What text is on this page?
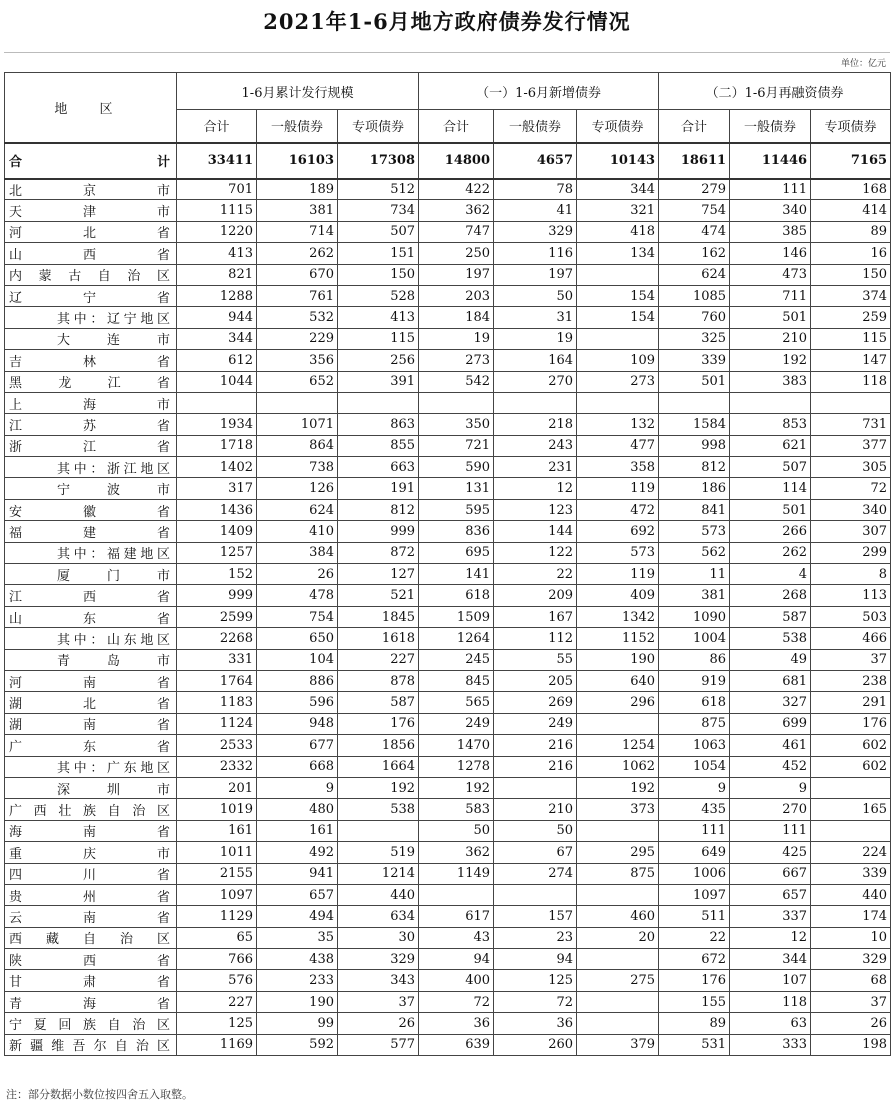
2021年1-6月地方政府债券发行情况
单位：亿元
地 区	1-6月累计发行规模			（一）1-6月新增债券			（二）1-6月再融资债券		
	合计	一般债券	专项债券	合计	一般债券	专项债券	合计	一般债券	专项债券
合计	33411	16103	17308	14800	4657	10143	18611	11446	7165
北京市	701	189	512	422	78	344	279	111	168
天津市	1115	381	734	362	41	321	754	340	414
河北省	1220	714	507	747	329	418	474	385	89
山西省	413	262	151	250	116	134	162	146	16
内蒙古自治区	821	670	150	197	197		624	473	150
辽宁省	1288	761	528	203	50	154	1085	711	374
其中：辽宁地区	944	532	413	184	31	154	760	501	259
大连市	344	229	115	19	19		325	210	115
吉林省	612	356	256	273	164	109	339	192	147
黑龙江省	1044	652	391	542	270	273	501	383	118
上海市									
江苏省	1934	1071	863	350	218	132	1584	853	731
浙江省	1718	864	855	721	243	477	998	621	377
其中：浙江地区	1402	738	663	590	231	358	812	507	305
宁波市	317	126	191	131	12	119	186	114	72
安徽省	1436	624	812	595	123	472	841	501	340
福建省	1409	410	999	836	144	692	573	266	307
其中：福建地区	1257	384	872	695	122	573	562	262	299
厦门市	152	26	127	141	22	119	11	4	8
江西省	999	478	521	618	209	409	381	268	113
山东省	2599	754	1845	1509	167	1342	1090	587	503
其中：山东地区	2268	650	1618	1264	112	1152	1004	538	466
青岛市	331	104	227	245	55	190	86	49	37
河南省	1764	886	878	845	205	640	919	681	238
湖北省	1183	596	587	565	269	296	618	327	291
湖南省	1124	948	176	249	249		875	699	176
广东省	2533	677	1856	1470	216	1254	1063	461	602
其中：广东地区	2332	668	1664	1278	216	1062	1054	452	602
深圳市	201	9	192	192		192	9	9	
广西壮族自治区	1019	480	538	583	210	373	435	270	165
海南省	161	161		50	50		111	111	
重庆市	1011	492	519	362	67	295	649	425	224
四川省	2155	941	1214	1149	274	875	1006	667	339
贵州省	1097	657	440				1097	657	440
云南省	1129	494	634	617	157	460	511	337	174
西藏自治区	65	35	30	43	23	20	22	12	10
陕西省	766	438	329	94	94		672	344	329
甘肃省	576	233	343	400	125	275	176	107	68
青海省	227	190	37	72	72		155	118	37
宁夏回族自治区	125	99	26	36	36		89	63	26
新疆维吾尔自治区	1169	592	577	639	260	379	531	333	198
注：部分数据小数位按四舍五入取整。
